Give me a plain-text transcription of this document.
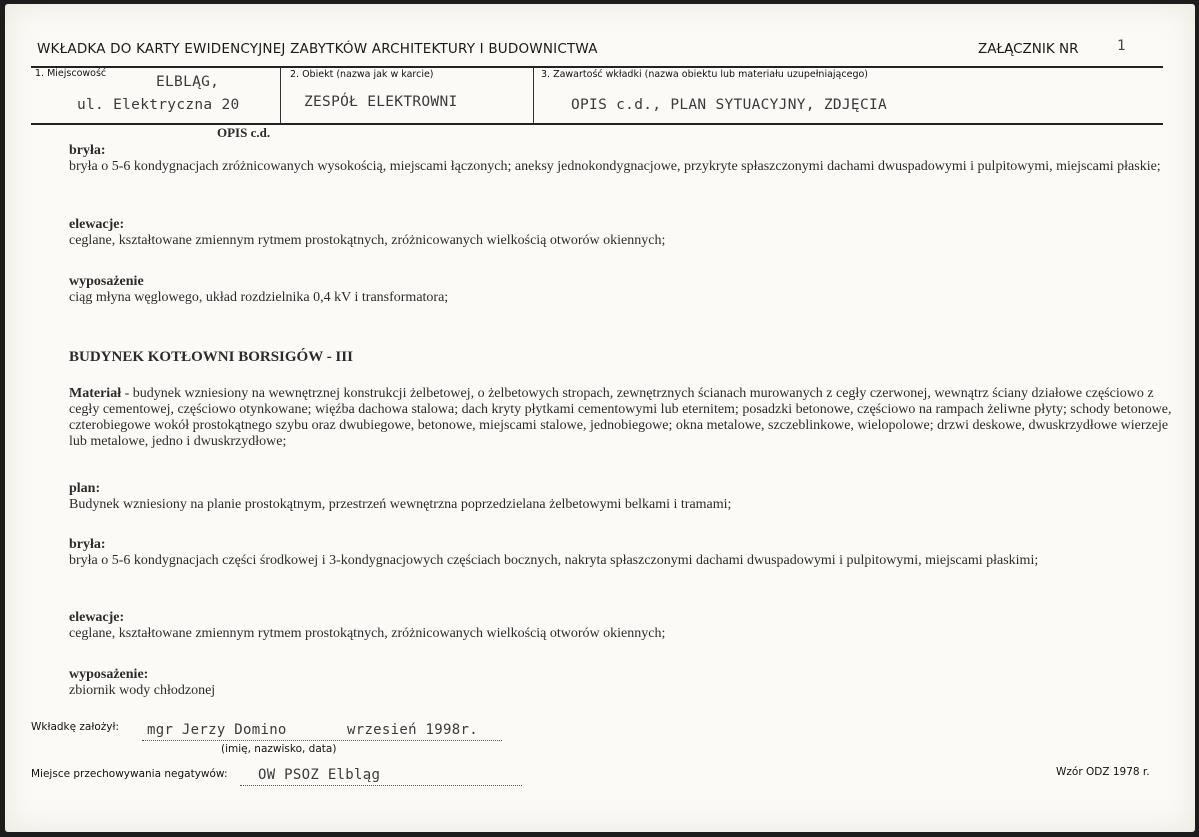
WKŁADKA DO KARTY EWIDENCYJNEJ ZABYTKÓW ARCHITEKTURY I BUDOWNICTWA	ZAŁĄCZNIK NR	1
1. Miejscowość
ELBLĄG,
ul. Elektryczna 20
2. Obiekt (nazwa jak w karcie)
ZESPÓŁ ELEKTROWNI
3. Zawartość wkładki (nazwa obiektu lub materiału uzupełniającego)
OPIS c.d., PLAN SYTUACYJNY, ZDJĘCIA
OPIS c.d.
bryła:
bryła o 5-6 kondygnacjach zróżnicowanych wysokością, miejscami łączonych; aneksy jednokondygnacjowe, przykryte spłaszczonymi dachami dwuspadowymi i pulpitowymi, miejscami płaskie;
elewacje:
ceglane, kształtowane zmiennym rytmem prostokątnych, zróżnicowanych wielkością otworów okiennych;
wyposażenie
ciąg młyna węglowego, układ rozdzielnika 0,4 kV i transformatora;
BUDYNEK KOTŁOWNI BORSIGÓW - III
Materiał - budynek wzniesiony na wewnętrznej konstrukcji żelbetowej, o żelbetowych stropach, zewnętrznych ścianach murowanych z cegły czerwonej, wewnątrz ściany działowe częściowo z cegły cementowej, częściowo otynkowane; więźba dachowa stalowa; dach kryty płytkami cementowymi lub eternitem; posadzki betonowe, częściowo na rampach żeliwne płyty; schody betonowe, czterobiegowe wokół prostokątnego szybu oraz dwubiegowe, betonowe, miejscami stalowe, jednobiegowe; okna metalowe, szczeblinkowe, wielopolowe; drzwi deskowe, dwuskrzydłowe wierzeje lub metalowe, jedno i dwuskrzydłowe;
plan:
Budynek wzniesiony na planie prostokątnym, przestrzeń wewnętrzna poprzedzielana żelbetowymi belkami i tramami;
bryła:
bryła o 5-6 kondygnacjach części środkowej i 3-kondygnacjowych częściach bocznych, nakryta spłaszczonymi dachami dwuspadowymi i pulpitowymi, miejscami płaskimi;
elewacje:
ceglane, kształtowane zmiennym rytmem prostokątnych, zróżnicowanych wielkością otworów okiennych;
wyposażenie:
zbiornik wody chłodzonej
Wkładkę założył: mgr Jerzy Domino	wrzesień 1998r.
(imię, nazwisko, data)
Miejsce przechowywania negatywów: OW PSOZ Elbląg	Wzór ODZ 1978 r.
